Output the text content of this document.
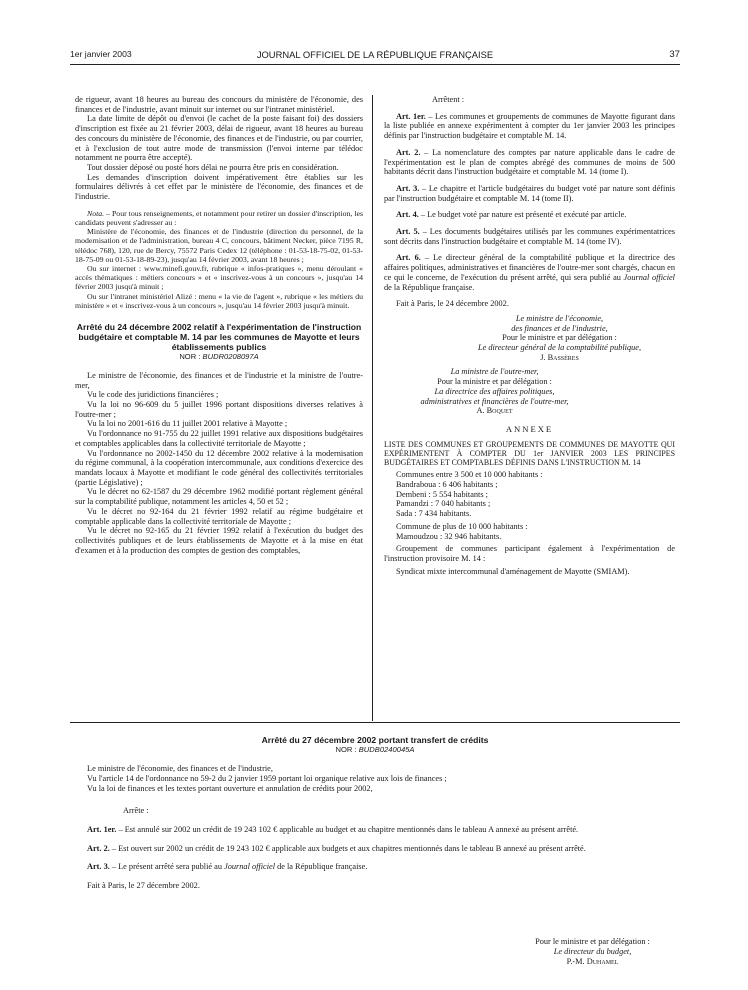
1er janvier 2003	JOURNAL OFFICIEL DE LA RÉPUBLIQUE FRANÇAISE	37

de rigueur, avant 18 heures au bureau des concours du ministère de l'économie, des finances et de l'industrie, avant minuit sur internet ou sur l'intranet ministériel.

La date limite de dépôt ou d'envoi (le cachet de la poste faisant foi) des dossiers d'inscription est fixée au 21 février 2003, délai de rigueur, avant 18 heures au bureau des concours du ministère de l'économie, des finances et de l'industrie, ou par courrier, et à l'exclusion de tout autre mode de transmission (l'envoi interne par télédoc notamment ne pourra être accepté).

Tout dossier déposé ou posté hors délai ne pourra être pris en considération.

Les demandes d'inscription doivent impérativement être établies sur les formulaires délivrés à cet effet par le ministère de l'économie, des finances et de l'industrie.

Nota. – Pour tous renseignements, et notamment pour retirer un dossier d'inscription, les candidats peuvent s'adresser au :

Ministère de l'économie, des finances et de l'industrie (direction du personnel, de la modernisation et de l'administration, bureau 4 C, concours, bâtiment Necker, pièce 7195 R, télédoc 768), 120, rue de Bercy, 75572 Paris Cedex 12 (téléphone : 01-53-18-75-02, 01-53-18-75-09 ou 01-53-18-89-23), jusqu'au 14 février 2003, avant 18 heures ;

Ou sur internet : www.minefi.gouv.fr, rubrique « infos-pratiques », menu déroulant « accès thématiques : métiers concours » et « inscrivez-vous à un concours », jusqu'au 14 février 2003 jusqu'à minuit ;

Ou sur l'intranet ministériel Alizé : menu « la vie de l'agent », rubrique « les métiers du ministère » et « inscrivez-vous à un concours », jusqu'au 14 février 2003 jusqu'à minuit.

Arrêté du 24 décembre 2002 relatif à l'expérimentation de l'instruction budgétaire et comptable M. 14 par les communes de Mayotte et leurs établissements publics

NOR : BUDR0208097A

Le ministre de l'économie, des finances et de l'industrie et la ministre de l'outre-mer,

Vu le code des juridictions financières ;

Vu la loi no 96-609 du 5 juillet 1996 portant dispositions diverses relatives à l'outre-mer ;

Vu la loi no 2001-616 du 11 juillet 2001 relative à Mayotte ;

Vu l'ordonnance no 91-755 du 22 juillet 1991 relative aux dispositions budgétaires et comptables applicables dans la collectivité territoriale de Mayotte ;

Vu l'ordonnance no 2002-1450 du 12 décembre 2002 relative à la modernisation du régime communal, à la coopération intercommunale, aux conditions d'exercice des mandats locaux à Mayotte et modifiant le code général des collectivités territoriales (partie Législative) ;

Vu le décret no 62-1587 du 29 décembre 1962 modifié portant règlement général sur la comptabilité publique, notamment les articles 4, 50 et 52 ;

Vu le décret no 92-164 du 21 février 1992 relatif au régime budgétaire et comptable applicable dans la collectivité territoriale de Mayotte ;

Vu le décret no 92-165 du 21 février 1992 relatif à l'exécution du budget des collectivités publiques et de leurs établissements de Mayotte et à la mise en état d'examen et à la production des comptes de gestion des comptables,

Arrêtent :

Art. 1er. – Les communes et groupements de communes de Mayotte figurant dans la liste publiée en annexe expérimentent à compter du 1er janvier 2003 les principes définis par l'instruction budgétaire et comptable M. 14.

Art. 2. – La nomenclature des comptes par nature applicable dans le cadre de l'expérimentation est le plan de comptes abrégé des communes de moins de 500 habitants décrit dans l'instruction budgétaire et comptable M. 14 (tome I).

Art. 3. – Le chapitre et l'article budgétaires du budget voté par nature sont définis par l'instruction budgétaire et comptable M. 14 (tome II).

Art. 4. – Le budget voté par nature est présenté et exécuté par article.

Art. 5. – Les documents budgétaires utilisés par les communes expérimentatrices sont décrits dans l'instruction budgétaire et comptable M. 14 (tome IV).

Art. 6. – Le directeur général de la comptabilité publique et la directrice des affaires politiques, administratives et financières de l'outre-mer sont chargés, chacun en ce qui le concerne, de l'exécution du présent arrêté, qui sera publié au Journal officiel de la République française.

Fait à Paris, le 24 décembre 2002.

Le ministre de l'économie,

des finances et de l'industrie,

Pour le ministre et par délégation :

Le directeur général de la comptabilité publique,

J. Bassères

La ministre de l'outre-mer,

Pour la ministre et par délégation :

La directrice des affaires politiques,

administratives et financières de l'outre-mer,

A. Boquet

ANNEXE

LISTE DES COMMUNES ET GROUPEMENTS DE COMMUNES DE MAYOTTE QUI EXPÉRIMENTENT À COMPTER DU 1er JANVIER 2003 LES PRINCIPES BUDGÉTAIRES ET COMPTABLES DÉFINIS DANS L'INSTRUCTION M. 14

Communes entre 3 500 et 10 000 habitants :

Bandraboua : 6 406 habitants ;

Dembeni : 5 554 habitants ;

Pamandzi : 7 040 habitants ;

Sada : 7 434 habitants.

Commune de plus de 10 000 habitants :

Mamoudzou : 32 946 habitants.

Groupement de communes participant également à l'expérimentation de l'instruction provisoire M. 14 :

Syndicat mixte intercommunal d'aménagement de Mayotte (SMIAM).

Arrêté du 27 décembre 2002 portant transfert de crédits

NOR : BUDB0240045A

Le ministre de l'économie, des finances et de l'industrie,

Vu l'article 14 de l'ordonnance no 59-2 du 2 janvier 1959 portant loi organique relative aux lois de finances ;

Vu la loi de finances et les textes portant ouverture et annulation de crédits pour 2002,

Arrête :

Art. 1er. – Est annulé sur 2002 un crédit de 19 243 102 € applicable au budget et au chapitre mentionnés dans le tableau A annexé au présent arrêté.

Art. 2. – Est ouvert sur 2002 un crédit de 19 243 102 € applicable aux budgets et aux chapitres mentionnés dans le tableau B annexé au présent arrêté.

Art. 3. – Le présent arrêté sera publié au Journal officiel de la République française.

Fait à Paris, le 27 décembre 2002.

Pour le ministre et par délégation :

Le directeur du budget,

P.-M. Duhamel
